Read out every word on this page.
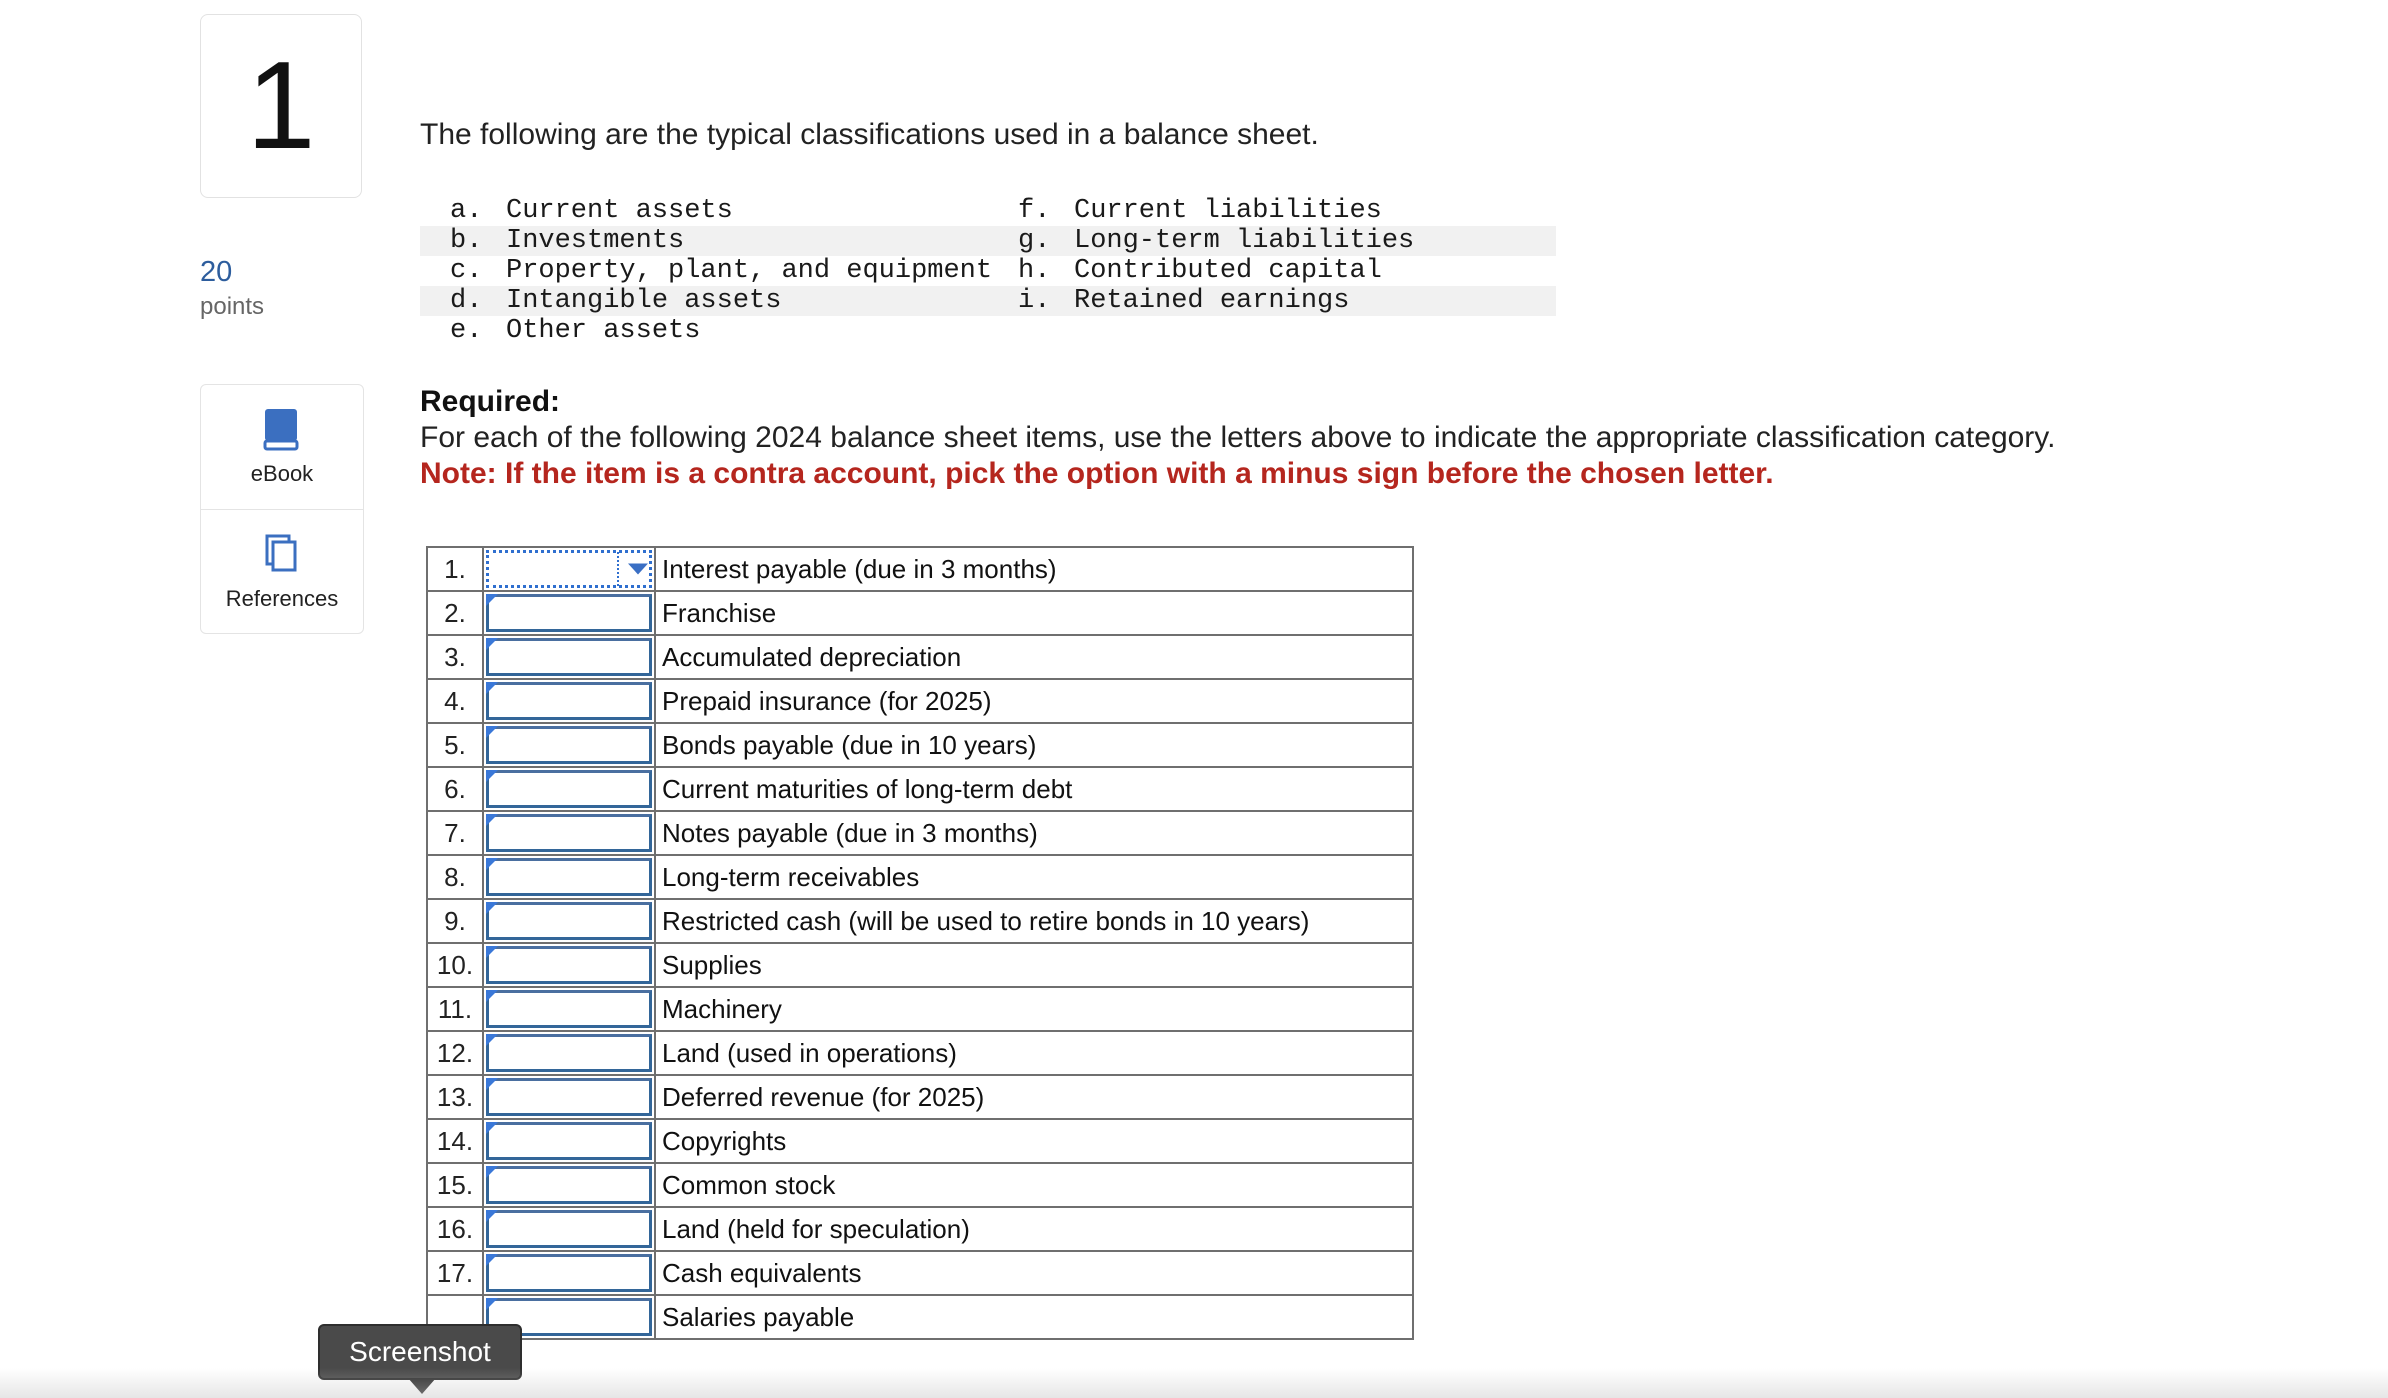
1
20
points
eBook
References
The following are the typical classifications used in a balance sheet.
a. Current assets	f. Current liabilities
b. Investments	g. Long-term liabilities
c. Property, plant, and equipment h. Contributed capital
d. Intangible assets	i. Retained earnings
e. Other assets
Required:
For each of the following 2024 balance sheet items, use the letters above to indicate the appropriate classification category.
Note: If the item is a contra account, pick the option with a minus sign before the chosen letter.
1.		Interest payable (due in 3 months)
2.		Franchise
3.		Accumulated depreciation
4.		Prepaid insurance (for 2025)
5.		Bonds payable (due in 10 years)
6.		Current maturities of long-term debt
7.		Notes payable (due in 3 months)
8.		Long-term receivables
9.		Restricted cash (will be used to retire bonds in 10 years)
10.		Supplies
11.		Machinery
12.		Land (used in operations)
13.		Deferred revenue (for 2025)
14.		Copyrights
15.		Common stock
16.		Land (held for speculation)
17.		Cash equivalents

	Salaries payable
Screenshot
